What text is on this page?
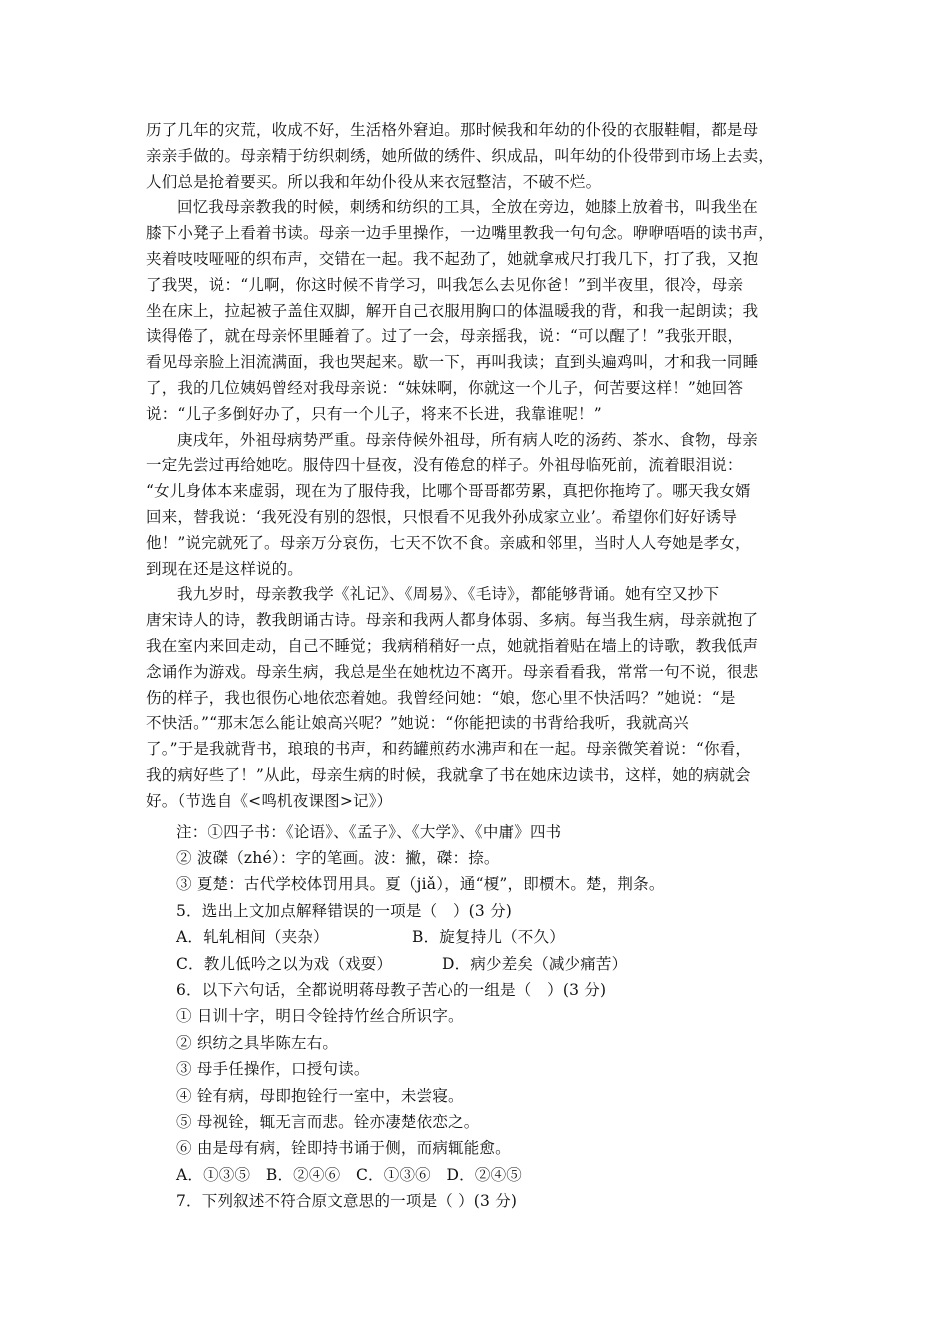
历了几年的灾荒，收成不好，生活格外窘迫。那时候我和年幼的仆役的衣服鞋帽，都是母
亲亲手做的。母亲精于纺织刺绣，她所做的绣件、织成品，叫年幼的仆役带到市场上去卖，
人们总是抢着要买。所以我和年幼仆役从来衣冠整洁，不破不烂。

回忆我母亲教我的时候，刺绣和纺织的工具，全放在旁边，她膝上放着书，叫我坐在
膝下小凳子上看着书读。母亲一边手里操作，一边嘴里教我一句句念。咿咿唔唔的读书声，
夹着吱吱哑哑的织布声，交错在一起。我不起劲了，她就拿戒尺打我几下，打了我，又抱
了我哭，说：“儿啊，你这时候不肯学习，叫我怎么去见你爸！”到半夜里，很冷，母亲
坐在床上，拉起被子盖住双脚，解开自己衣服用胸口的体温暖我的背，和我一起朗读；我
读得倦了，就在母亲怀里睡着了。过了一会，母亲摇我，说：“可以醒了！”我张开眼，
看见母亲脸上泪流满面，我也哭起来。歇一下，再叫我读；直到头遍鸡叫，才和我一同睡
了，我的几位姨妈曾经对我母亲说：“妹妹啊，你就这一个儿子，何苦要这样！”她回答
说：“儿子多倒好办了，只有一个儿子，将来不长进，我靠谁呢！”

庚戌年，外祖母病势严重。母亲侍候外祖母，所有病人吃的汤药、茶水、食物，母亲
一定先尝过再给她吃。服侍四十昼夜，没有倦怠的样子。外祖母临死前，流着眼泪说：
“女儿身体本来虚弱，现在为了服侍我，比哪个哥哥都劳累，真把你拖垮了。哪天我女婿
回来，替我说：‘我死没有别的怨恨，只恨看不见我外孙成家立业’。希望你们好好诱导
他！”说完就死了。母亲万分哀伤，七天不饮不食。亲戚和邻里，当时人人夸她是孝女，
到现在还是这样说的。

我九岁时，母亲教我学《礼记》、《周易》、《毛诗》，都能够背诵。她有空又抄下
唐宋诗人的诗，教我朗诵古诗。母亲和我两人都身体弱、多病。每当我生病，母亲就抱了
我在室内来回走动，自己不睡觉；我病稍稍好一点，她就指着贴在墙上的诗歌，教我低声
念诵作为游戏。母亲生病，我总是坐在她枕边不离开。母亲看看我，常常一句不说，很悲
伤的样子，我也很伤心地依恋着她。我曾经问她：“娘，您心里不快活吗？”她说：“是
不快活。”“那末怎么能让娘高兴呢？”她说：“你能把读的书背给我听，我就高兴
了。”于是我就背书，琅琅的书声，和药罐煎药水沸声和在一起。母亲微笑着说：“你看，
我的病好些了！”从此，母亲生病的时候，我就拿了书在她床边读书，这样，她的病就会
好。（节选自《<鸣机夜课图>记》）

注：①四子书：《论语》、《孟子》、《大学》、《中庸》四书

② 波磔（zhé）：字的笔画。波：撇，磔：捺。

③ 夏楚：古代学校体罚用具。夏（jiǎ），通“榎”，即槚木。楚，荆条。

5．选出上文加点解释错误的一项是（　）(3 分)

A．轧轧相间（夹杂）	B．旋复持儿（不久）

C．教儿低吟之以为戏（戏耍）	D．病少差矣（减少痛苦）

6．以下六句话，全都说明蒋母教子苦心的一组是（　）(3 分)

① 日训十字，明日令铨持竹丝合所识字。

② 织纺之具毕陈左右。

③ 母手任操作，口授句读。

④ 铨有病，母即抱铨行一室中，未尝寝。

⑤ 母视铨，辄无言而悲。铨亦凄楚依恋之。

⑥ 由是母有病，铨即持书诵于侧，而病辄能愈。

A．①③⑤　B．②④⑥　C．①③⑥　D．②④⑤

7．下列叙述不符合原文意思的一项是（ ）(3 分)
